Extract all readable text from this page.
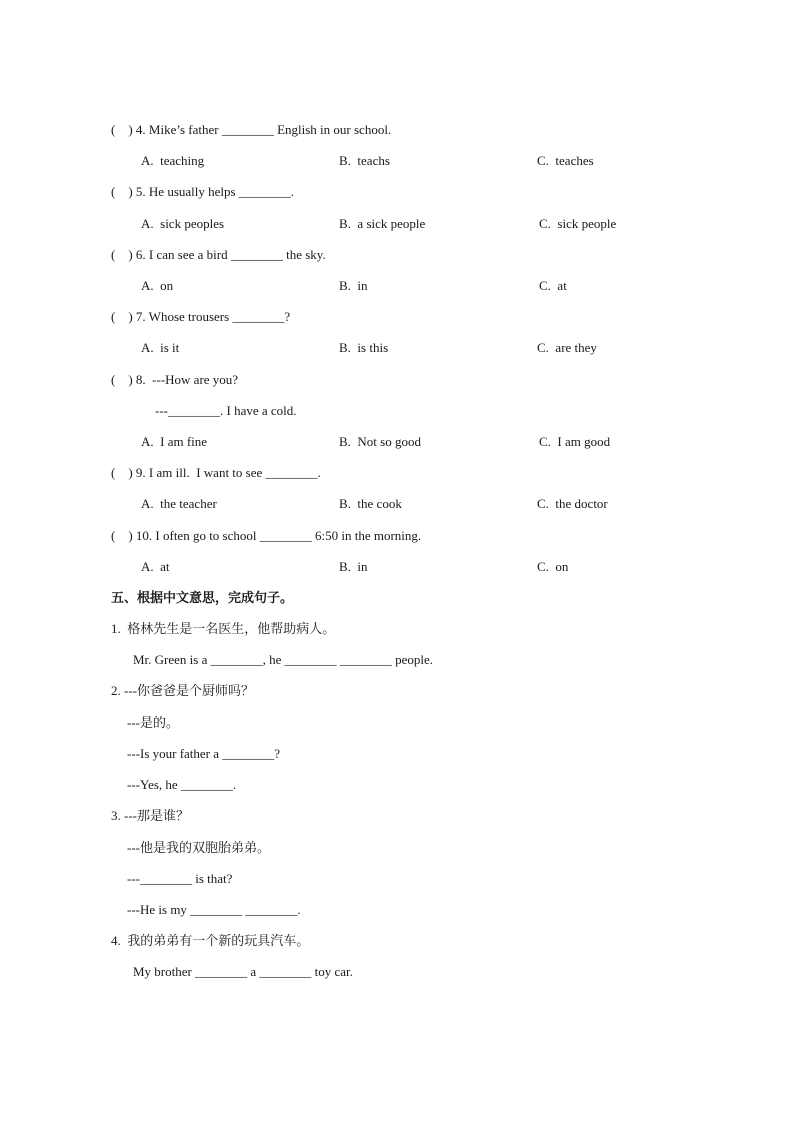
(    ) 4. Mike’s father ________ English in our school.
A.  teaching	B.  teachs	C.  teaches
(    ) 5. He usually helps ________.
A.  sick peoples	B.  a sick people	C.  sick people
(    ) 6. I can see a bird ________ the sky.
A.  on	B.  in	C.  at
(    ) 7. Whose trousers ________?
A.  is it	B.  is this	C.  are they
(    ) 8.  ---How are you?
---________. I have a cold.
A.  I am fine	B.  Not so good	C.  I am good
(    ) 9. I am ill.  I want to see ________.
A.  the teacher	B.  the cook	C.  the doctor
(    ) 10. I often go to school ________ 6:50 in the morning.
A.  at	B.  in	C.  on
五、根据中文意思，完成句子。
1.  格林先生是一名医生，他帮助病人。
Mr. Green is a ________, he ________ ________ people.
2. ---你爸爸是个厨师吗？
---是的。
---Is your father a ________?
---Yes, he ________.
3. ---那是谁？
---他是我的双胞胎弟弟。
---________ is that?
---He is my ________ ________.
4.  我的弟弟有一个新的玩具汽车。
My brother ________ a ________ toy car.
